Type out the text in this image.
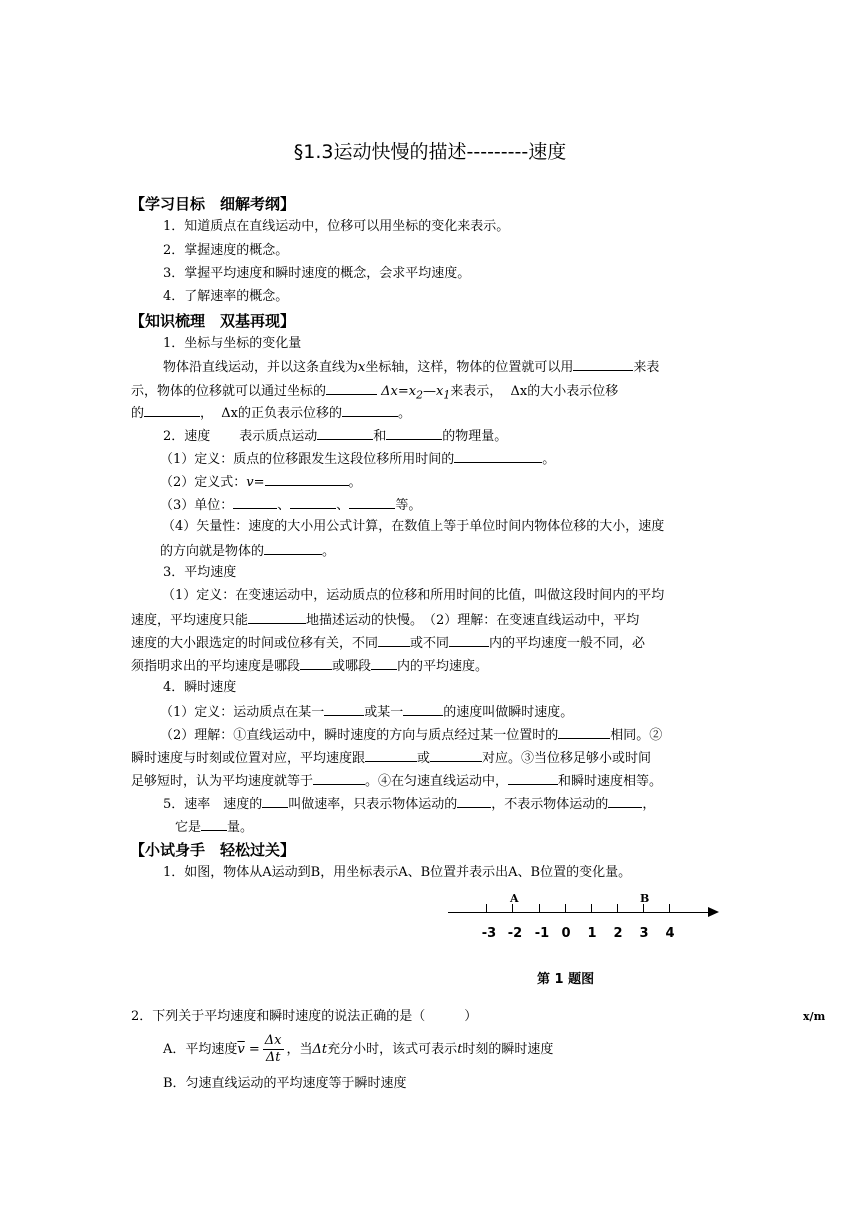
§1.3运动快慢的描述---------速度
【学习目标　细解考纲】
1．知道质点在直线运动中，位移可以用坐标的变化来表示。
2．掌握速度的概念。
3．掌握平均速度和瞬时速度的概念，会求平均速度。
4．了解速率的概念。
【知识梳理　双基再现】
1．坐标与坐标的变化量
物体沿直线运动，并以这条直线为x坐标轴，这样，物体的位置就可以用	来表
示，物体的位移就可以通过坐标的	$\Delta x=x_2—x_1$来表示， Δx的大小表示位移
的	， Δx的正负表示位移的	。
2．速度 表示质点运动	和	的物理量。
（1）定义：质点的位移跟发生这段位移所用时间的	。
（2）定义式：v=	。
（3）单位：	、	、	等。
（4）矢量性：速度的大小用公式计算，在数值上等于单位时间内物体位移的大小，速度
的方向就是物体的	。
3．平均速度
（1）定义：在变速运动中，运动质点的位移和所用时间的比值，叫做这段时间内的平均
速度，平均速度只能	地描述运动的快慢。　（2）理解：在变速直线运动中，平均
速度的大小跟选定的时间或位移有关，不同 或不同	内的平均速度一般不同，必
须指明求出的平均速度是哪段 或哪段 内的平均速度。
4．瞬时速度
（1）定义：运动质点在某一	或某一	的速度叫做瞬时速度。
（2）理解：①直线运动中，瞬时速度的方向与质点经过某一位置时的	相同。②
瞬时速度与时刻或位置对应，平均速度跟	或	对应。③当位移足够小或时间
足够短时，认为平均速度就等于	。④在匀速直线运动中，	和瞬时速度相等。
5．速率　速度的 叫做速率，只表示物体运动的	，不表示物体运动的	，
它是 量。
【小试身手　轻松过关】
1．如图，物体从A运动到B，用坐标表示A、B位置并表示出A、B位置的变化量。
A	B
-3 -2 -1 0	1	2	3	4
第 1 题图
x/m
2．下列关于平均速度和瞬时速度的说法正确的是（　　　）
A．平均速度$\overline{v} = \frac{\Delta x}{\Delta t}$ ，当Δt充分小时，该式可表示t时刻的瞬时速度
B．匀速直线运动的平均速度等于瞬时速度
